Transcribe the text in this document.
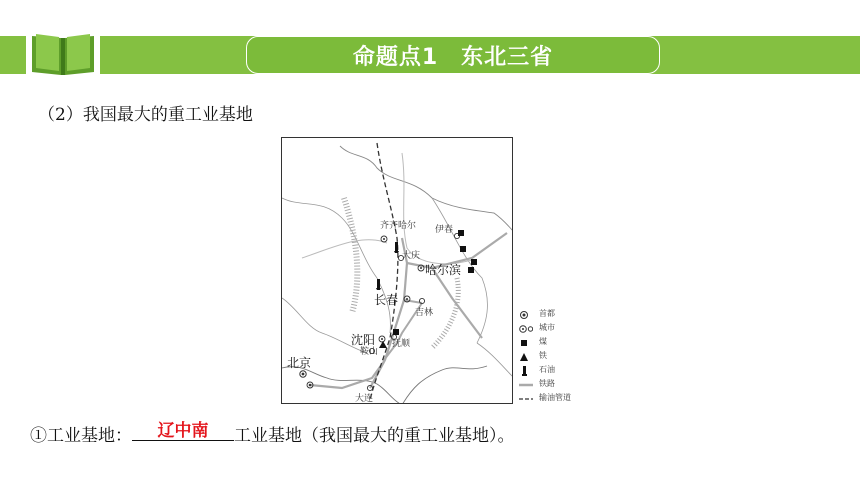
命题点1　东北三省
（2）我国最大的重工业基地
齐齐哈尔 伊春
大庆
哈尔滨
长春
吉林
沈阳 抚顺
鞍山
北京
大连
首都
城市
煤
铁
石油
铁路
输油管道
①工业基地：	辽中南	工业基地（我国最大的重工业基地）。
